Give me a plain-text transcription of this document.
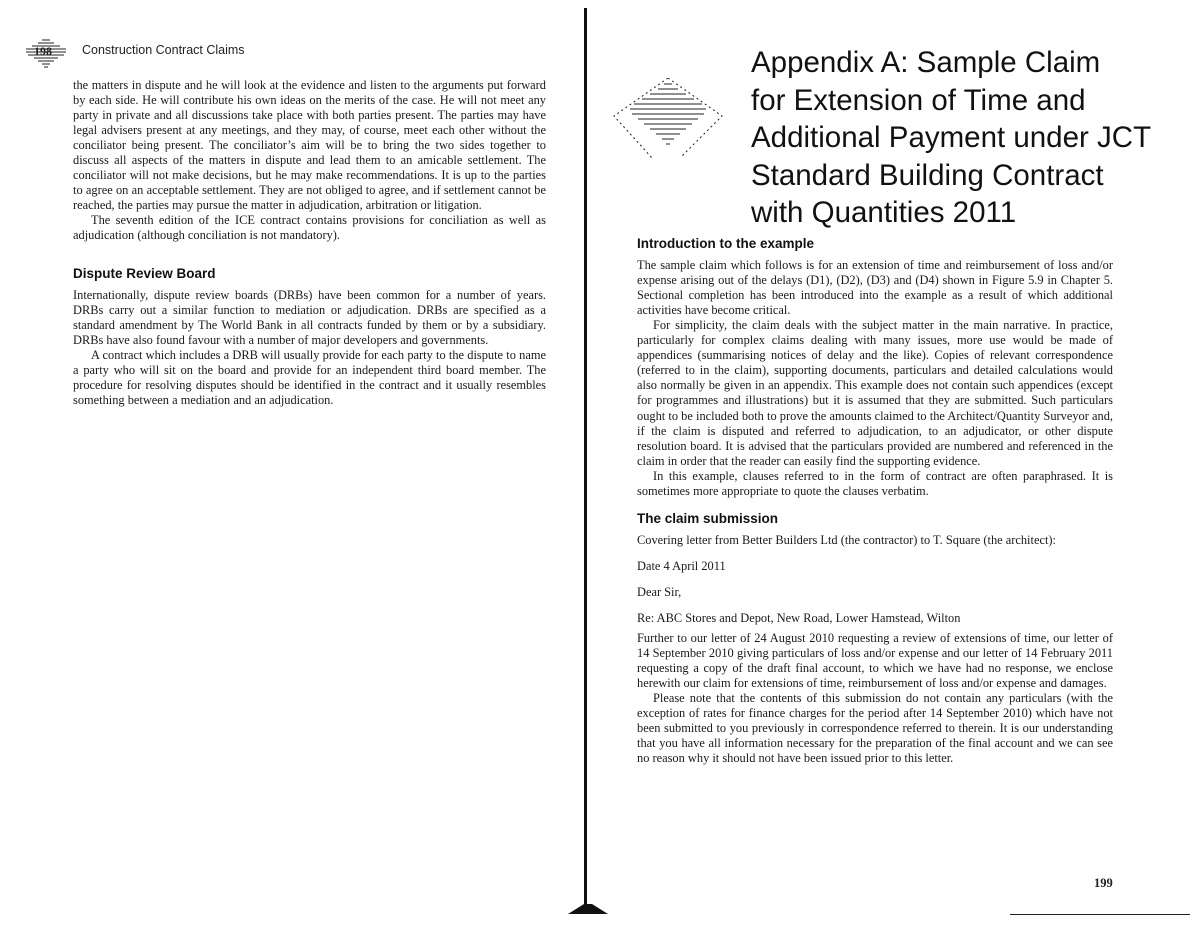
198 Construction Contract Claims

the matters in dispute and he will look at the evidence and listen to the arguments put forward by each side. He will contribute his own ideas on the merits of the case. He will not meet any party in private and all discussions take place with both parties present. The parties may have legal advisers present at any meetings, and they may, of course, meet each other without the conciliator being present. The conciliator’s aim will be to bring the two sides together to discuss all aspects of the matters in dispute and lead them to an amicable settlement. The conciliator will not make decisions, but he may make recommendations. It is up to the parties to agree on an acceptable settlement. They are not obliged to agree, and if settlement cannot be reached, the parties may pursue the matter in adjudication, arbitration or litigation.

The seventh edition of the ICE contract contains provisions for conciliation as well as adjudication (although conciliation is not mandatory).

Dispute Review Board

Internationally, dispute review boards (DRBs) have been common for a number of years. DRBs carry out a similar function to mediation or adjudication. DRBs are specified as a standard amendment by The World Bank in all contracts funded by them or by a subsidiary. DRBs have also found favour with a number of major developers and governments.

A contract which includes a DRB will usually provide for each party to the dispute to name a party who will sit on the board and provide for an independent third board member. The procedure for resolving disputes should be identified in the contract and it usually resembles something between a mediation and an adjudication.

Appendix A: Sample Claim
for Extension of Time and
Additional Payment under JCT
Standard Building Contract
with Quantities 2011
Introduction to the example

The sample claim which follows is for an extension of time and reimbursement of loss and/or expense arising out of the delays (D1), (D2), (D3) and (D4) shown in Figure 5.9 in Chapter 5. Sectional completion has been introduced into the example as a result of which additional activities have become critical.

For simplicity, the claim deals with the subject matter in the main narrative. In practice, particularly for complex claims dealing with many issues, more use would be made of appendices (summarising notices of delay and the like). Copies of relevant correspondence (referred to in the claim), supporting documents, particulars and detailed calculations would also normally be given in an appendix. This example does not contain such appendices (except for programmes and illustrations) but it is assumed that they are submitted. Such particulars ought to be included both to prove the amounts claimed to the Architect/Quantity Surveyor and, if the claim is disputed and referred to adjudication, to an adjudicator, or other dispute resolution board. It is advised that the particulars provided are numbered and referenced in the claim in order that the reader can easily find the supporting evidence.

In this example, clauses referred to in the form of contract are often paraphrased. It is sometimes more appropriate to quote the clauses verbatim.

The claim submission

Covering letter from Better Builders Ltd (the contractor) to T. Square (the architect):

Date 4 April 2011

Dear Sir,

Re: ABC Stores and Depot, New Road, Lower Hamstead, Wilton

Further to our letter of 24 August 2010 requesting a review of extensions of time, our letter of 14 September 2010 giving particulars of loss and/or expense and our letter of 14 February 2011 requesting a copy of the draft final account, to which we have had no response, we enclose herewith our claim for extensions of time, reimbursement of loss and/or expense and damages.

Please note that the contents of this submission do not contain any particulars (with the exception of rates for finance charges for the period after 14 September 2010) which have not been submitted to you previously in correspondence referred to therein. It is our understanding that you have all information necessary for the preparation of the final account and we can see no reason why it should not have been issued prior to this letter.

199
